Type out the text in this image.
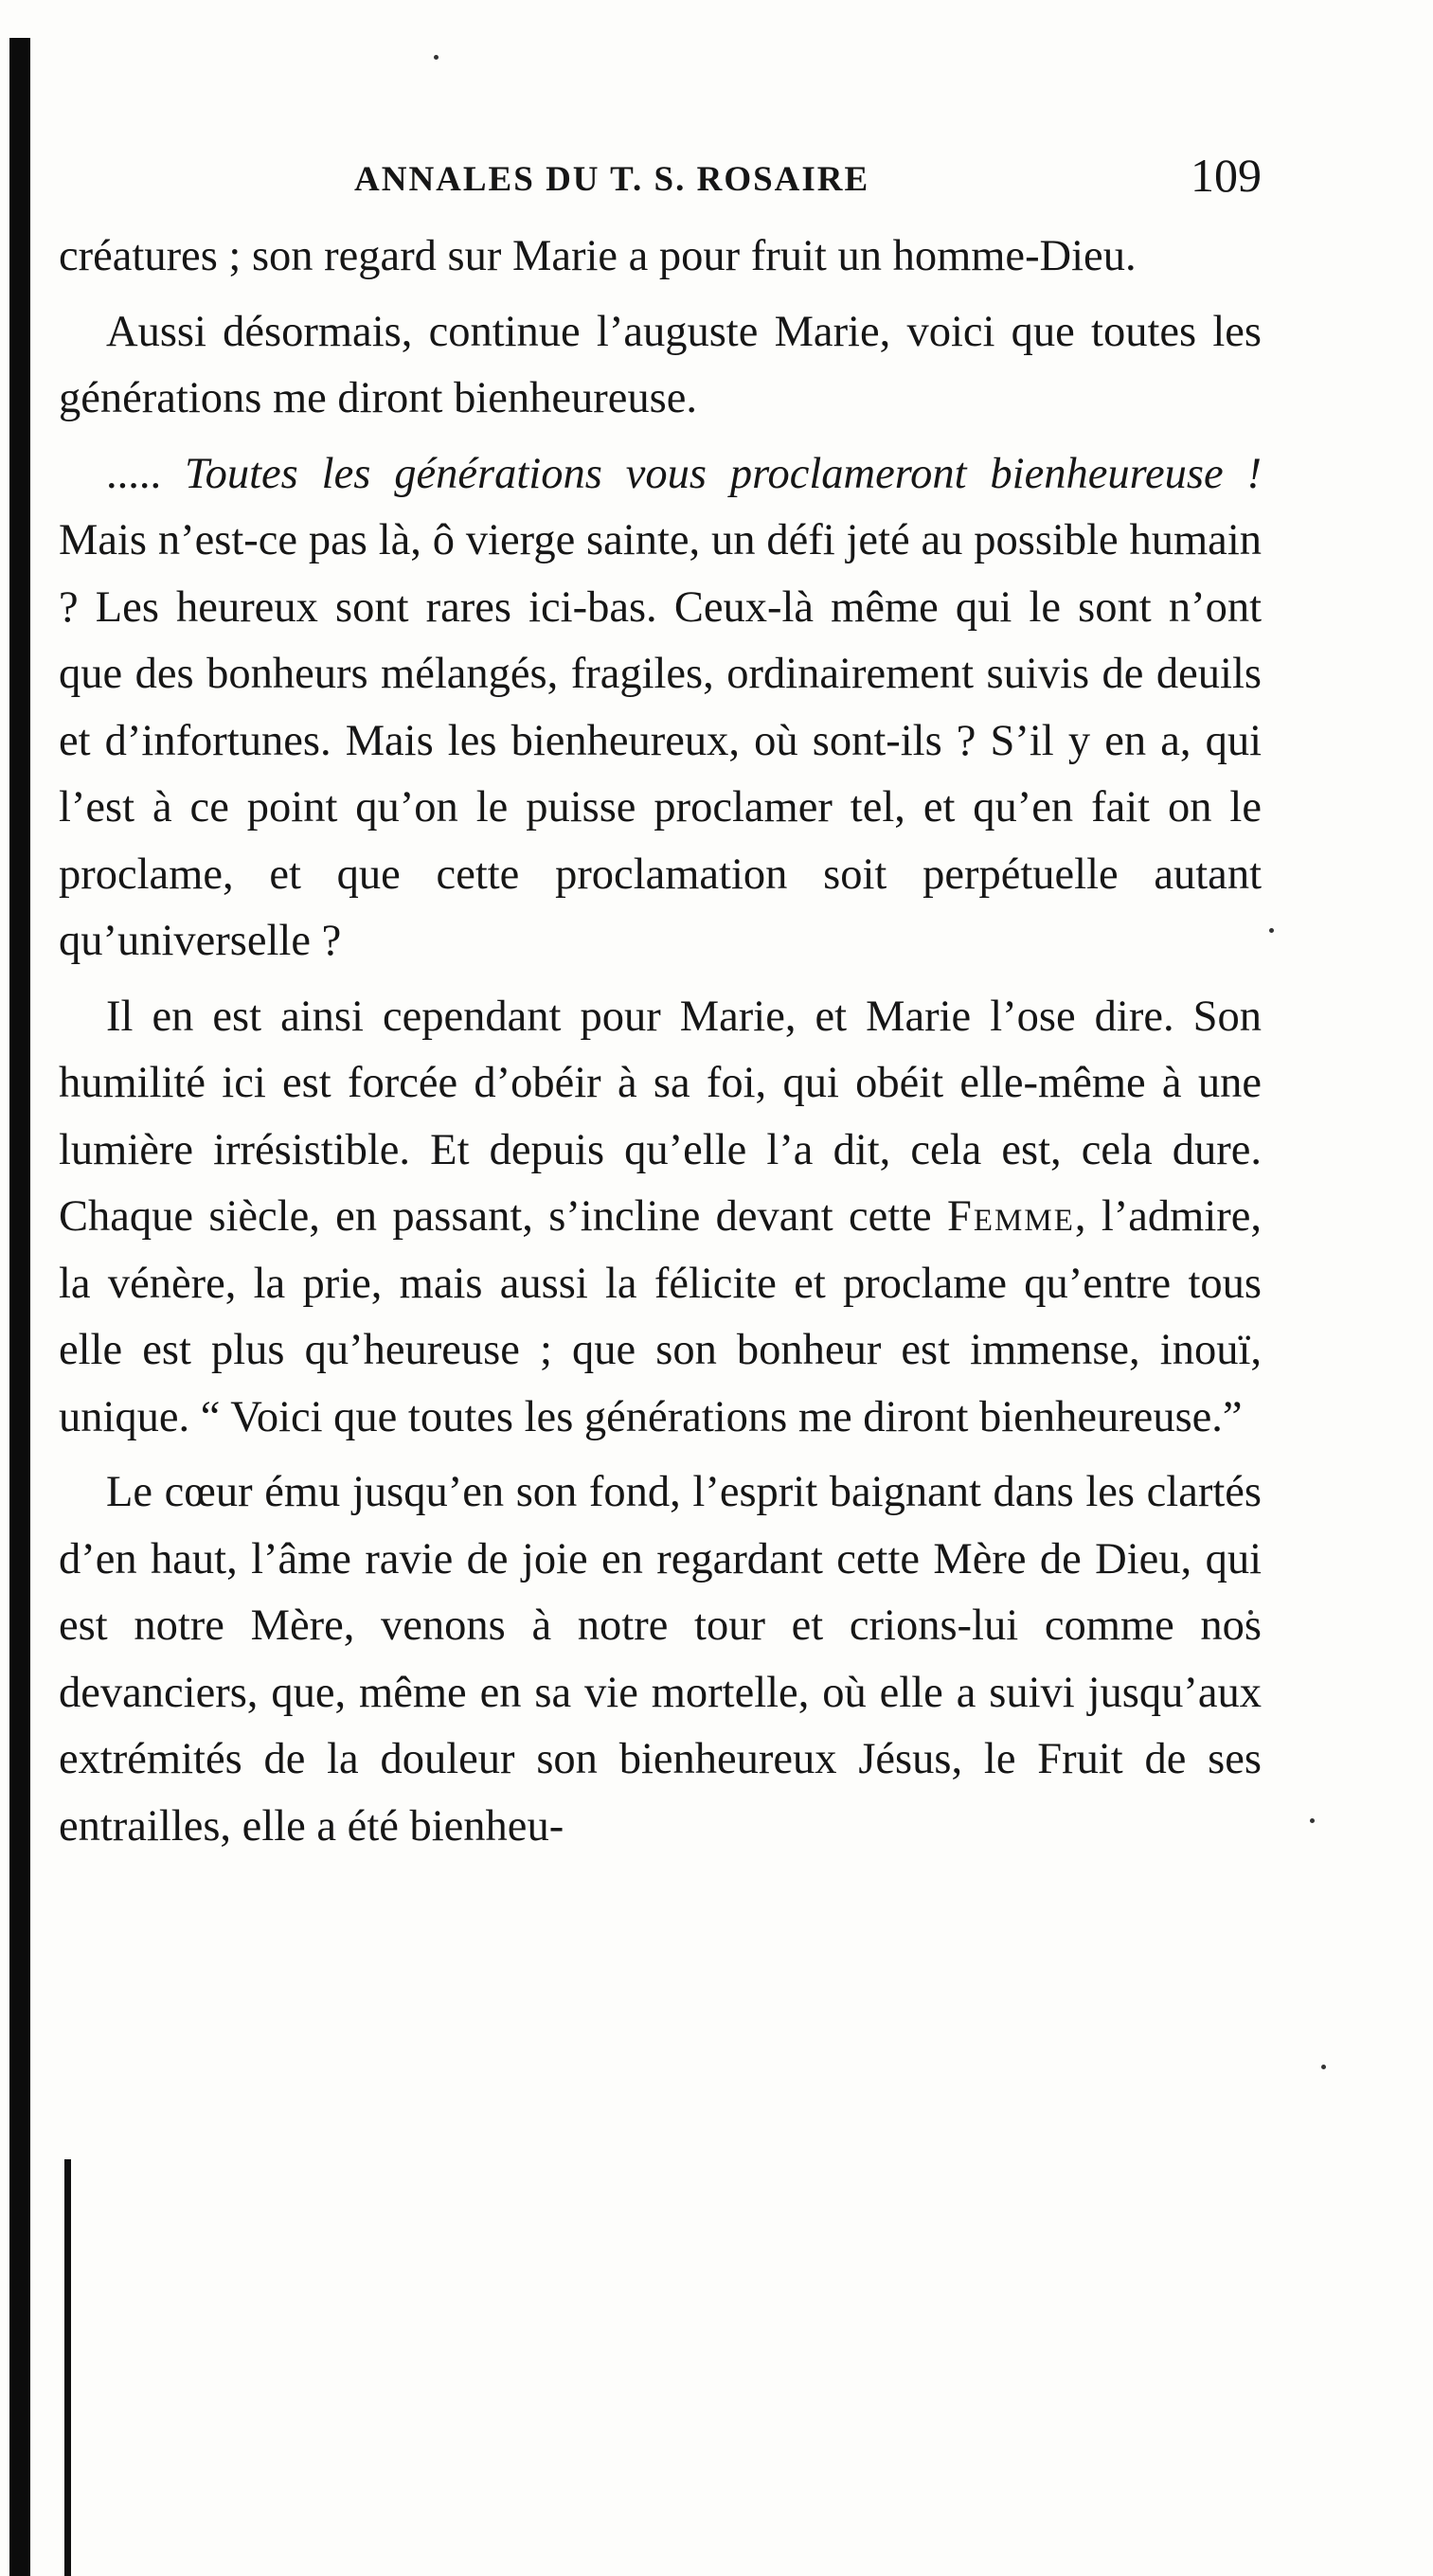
ANNALES DU T. S. ROSAIRE	109

créatures ; son regard sur Marie a pour fruit un homme-Dieu.

Aussi désormais, continue l’auguste Marie, voici que toutes les générations me diront bienheureuse.

..... Toutes les générations vous proclameront bienheureuse ! Mais n’est-ce pas là, ô vierge sainte, un défi jeté au possible humain ? Les heureux sont rares ici-bas. Ceux-là même qui le sont n’ont que des bonheurs mélangés, fragiles, ordinairement suivis de deuils et d’infortunes. Mais les bienheureux, où sont-ils ? S’il y en a, qui l’est à ce point qu’on le puisse proclamer tel, et qu’en fait on le proclame, et que cette proclamation soit perpétuelle autant qu’universelle ?

Il en est ainsi cependant pour Marie, et Marie l’ose dire. Son humilité ici est forcée d’obéir à sa foi, qui obéit elle-même à une lumière irrésistible. Et depuis qu’elle l’a dit, cela est, cela dure. Chaque siècle, en passant, s’incline devant cette Femme, l’admire, la vénère, la prie, mais aussi la félicite et proclame qu’entre tous elle est plus qu’heureuse ; que son bonheur est immense, inouï, unique. “ Voici que toutes les générations me diront bienheureuse.”

Le cœur ému jusqu’en son fond, l’esprit baignant dans les clartés d’en haut, l’âme ravie de joie en regardant cette Mère de Dieu, qui est notre Mère, venons à notre tour et crions-lui comme nos devanciers, que, même en sa vie mortelle, où elle a suivi jusqu’aux extrémités de la douleur son bienheureux Jésus, le Fruit de ses entrailles, elle a été bienheu-
